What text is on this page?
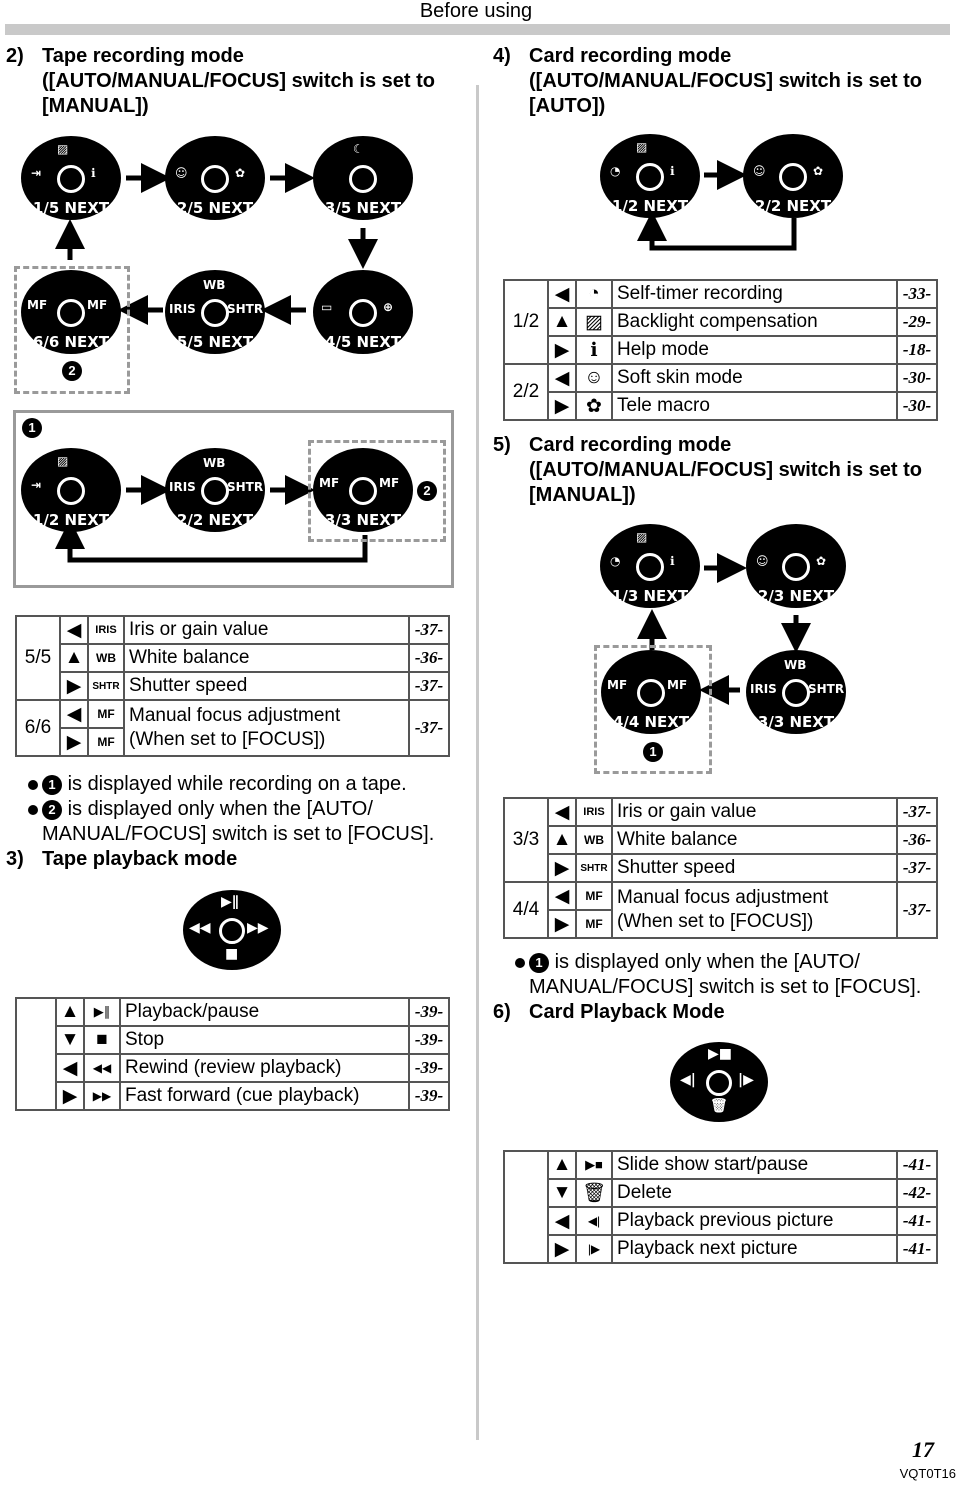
Before using
2) Tape recording mode
([AUTO/MANUAL/FOCUS] switch is set to
[MANUAL])
▨
⇥	ℹ
1/5 NEXT
☺	✿
2/5 NEXT
☾
3/5 NEXT
MF	MF
6/6 NEXT
2
WB
IRIS	SHTR
5/5 NEXT
▭	⊕
4/5 NEXT
1
▨
⇥
1/2 NEXT
WB
IRIS	SHTR
2/2 NEXT
MF	MF
3/3 NEXT
2
5/5	◀	IRIS	Iris or gain value	-37-
	▲	WB	White balance	-36-
	▶	SHTR	Shutter speed	-37-
6/6	◀	MF	Manual focus adjustment
(When set to [FOCUS])	-37-
	▶	MF		
1 is displayed while recording on a tape.
2 is displayed only when the [AUTO/
MANUAL/FOCUS] switch is set to [FOCUS].
3) Tape playback mode
▶∥
◀◀	▶▶
■
	▲	▶∥	Playback/pause	-39-
	▼	■	Stop	-39-
	◀	◀◀	Rewind (review playback)	-39-
	▶	▶▶	Fast forward (cue playback)	-39-
4) Card recording mode
([AUTO/MANUAL/FOCUS] switch is set to
[AUTO])
▨
◔	ℹ
1/2 NEXT
☺	✿
2/2 NEXT
1/2	◀	◔	Self-timer recording	-33-
	▲	▨	Backlight compensation	-29-
	▶	ℹ	Help mode	-18-
2/2	◀	☺	Soft skin mode	-30-
	▶	✿	Tele macro	-30-
5) Card recording mode
([AUTO/MANUAL/FOCUS] switch is set to
[MANUAL])
▨
◔	ℹ
1/3 NEXT
☺	✿
2/3 NEXT
MF	MF
4/4 NEXT
1
WB
IRIS	SHTR
3/3 NEXT
3/3	◀	IRIS	Iris or gain value	-37-
	▲	WB	White balance	-36-
	▶	SHTR	Shutter speed	-37-
4/4	◀	MF	Manual focus adjustment
(When set to [FOCUS])	-37-
	▶	MF		
1 is displayed only when the [AUTO/
MANUAL/FOCUS] switch is set to [FOCUS].
6) Card Playback Mode
▶■
◀|	|▶
🗑
	▲	▶■	Slide show start/pause	-41-
	▼	🗑	Delete	-42-
	◀	◀|	Playback previous picture	-41-
	▶	|▶	Playback next picture	-41-
17
VQT0T16
